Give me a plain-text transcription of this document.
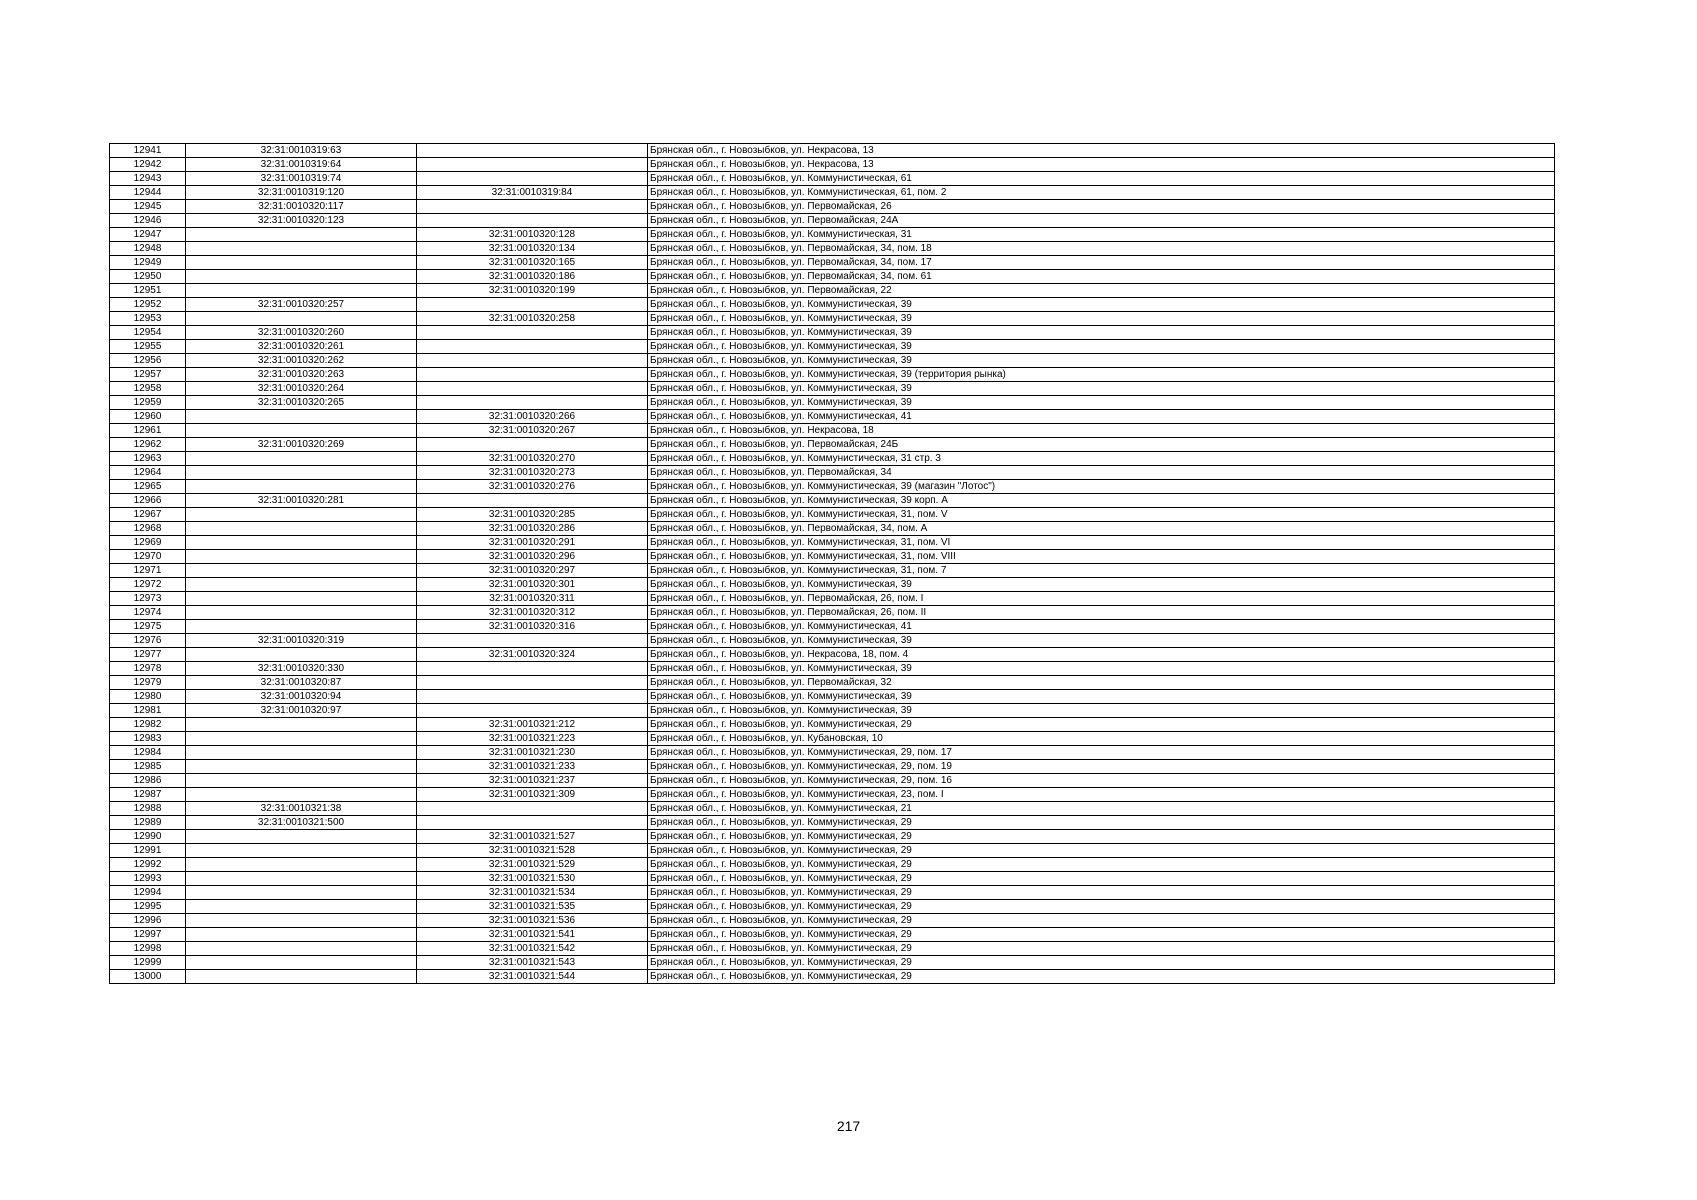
12941	32:31:0010319:63		Брянская обл., г. Новозыбков, ул. Некрасова, 13
12942	32:31:0010319:64		Брянская обл., г. Новозыбков, ул. Некрасова, 13
12943	32:31:0010319:74		Брянская обл., г. Новозыбков, ул. Коммунистическая, 61
12944	32:31:0010319:120	32:31:0010319:84	Брянская обл., г. Новозыбков, ул. Коммунистическая, 61, пом. 2
12945	32:31:0010320:117		Брянская обл., г. Новозыбков, ул. Первомайская, 26
12946	32:31:0010320:123		Брянская обл., г. Новозыбков, ул. Первомайская, 24А
12947		32:31:0010320:128	Брянская обл., г. Новозыбков, ул. Коммунистическая, 31
12948		32:31:0010320:134	Брянская обл., г. Новозыбков, ул. Первомайская, 34, пом. 18
12949		32:31:0010320:165	Брянская обл., г. Новозыбков, ул. Первомайская, 34, пом. 17
12950		32:31:0010320:186	Брянская обл., г. Новозыбков, ул. Первомайская, 34, пом. 61
12951		32:31:0010320:199	Брянская обл., г. Новозыбков, ул. Первомайская, 22
12952	32:31:0010320:257		Брянская обл., г. Новозыбков, ул. Коммунистическая, 39
12953		32:31:0010320:258	Брянская обл., г. Новозыбков, ул. Коммунистическая, 39
12954	32:31:0010320:260		Брянская обл., г. Новозыбков, ул. Коммунистическая, 39
12955	32:31:0010320:261		Брянская обл., г. Новозыбков, ул. Коммунистическая, 39
12956	32:31:0010320:262		Брянская обл., г. Новозыбков, ул. Коммунистическая, 39
12957	32:31:0010320:263		Брянская обл., г. Новозыбков, ул. Коммунистическая, 39 (территория рынка)
12958	32:31:0010320:264		Брянская обл., г. Новозыбков, ул. Коммунистическая, 39
12959	32:31:0010320:265		Брянская обл., г. Новозыбков, ул. Коммунистическая, 39
12960		32:31:0010320:266	Брянская обл., г. Новозыбков, ул. Коммунистическая, 41
12961		32:31:0010320:267	Брянская обл., г. Новозыбков, ул. Некрасова, 18
12962	32:31:0010320:269		Брянская обл., г. Новозыбков, ул. Первомайская, 24Б
12963		32:31:0010320:270	Брянская обл., г. Новозыбков, ул. Коммунистическая, 31 стр. 3
12964		32:31:0010320:273	Брянская обл., г. Новозыбков, ул. Первомайская, 34
12965		32:31:0010320:276	Брянская обл., г. Новозыбков, ул. Коммунистическая, 39 (магазин "Лотос")
12966	32:31:0010320:281		Брянская обл., г. Новозыбков, ул. Коммунистическая, 39 корп. А
12967		32:31:0010320:285	Брянская обл., г. Новозыбков, ул. Коммунистическая, 31, пом. V
12968		32:31:0010320:286	Брянская обл., г. Новозыбков, ул. Первомайская, 34, пом. А
12969		32:31:0010320:291	Брянская обл., г. Новозыбков, ул. Коммунистическая, 31, пом. VI
12970		32:31:0010320:296	Брянская обл., г. Новозыбков, ул. Коммунистическая, 31, пом. VIII
12971		32:31:0010320:297	Брянская обл., г. Новозыбков, ул. Коммунистическая, 31, пом. 7
12972		32:31:0010320:301	Брянская обл., г. Новозыбков, ул. Коммунистическая, 39
12973		32:31:0010320:311	Брянская обл., г. Новозыбков, ул. Первомайская, 26, пом. I
12974		32:31:0010320:312	Брянская обл., г. Новозыбков, ул. Первомайская, 26, пом. II
12975		32:31:0010320:316	Брянская обл., г. Новозыбков, ул. Коммунистическая, 41
12976	32:31:0010320:319		Брянская обл., г. Новозыбков, ул. Коммунистическая, 39
12977		32:31:0010320:324	Брянская обл., г. Новозыбков, ул. Некрасова, 18, пом. 4
12978	32:31:0010320:330		Брянская обл., г. Новозыбков, ул. Коммунистическая, 39
12979	32:31:0010320:87		Брянская обл., г. Новозыбков, ул. Первомайская, 32
12980	32:31:0010320:94		Брянская обл., г. Новозыбков, ул. Коммунистическая, 39
12981	32:31:0010320:97		Брянская обл., г. Новозыбков, ул. Коммунистическая, 39
12982		32:31:0010321:212	Брянская обл., г. Новозыбков, ул. Коммунистическая, 29
12983		32:31:0010321:223	Брянская обл., г. Новозыбков, ул. Кубановская, 10
12984		32:31:0010321:230	Брянская обл., г. Новозыбков, ул. Коммунистическая, 29, пом. 17
12985		32:31:0010321:233	Брянская обл., г. Новозыбков, ул. Коммунистическая, 29, пом. 19
12986		32:31:0010321:237	Брянская обл., г. Новозыбков, ул. Коммунистическая, 29, пом. 16
12987		32:31:0010321:309	Брянская обл., г. Новозыбков, ул. Коммунистическая, 23, пом. I
12988	32:31:0010321:38		Брянская обл., г. Новозыбков, ул. Коммунистическая, 21
12989	32:31:0010321:500		Брянская обл., г. Новозыбков, ул. Коммунистическая, 29
12990		32:31:0010321:527	Брянская обл., г. Новозыбков, ул. Коммунистическая, 29
12991		32:31:0010321:528	Брянская обл., г. Новозыбков, ул. Коммунистическая, 29
12992		32:31:0010321:529	Брянская обл., г. Новозыбков, ул. Коммунистическая, 29
12993		32:31:0010321:530	Брянская обл., г. Новозыбков, ул. Коммунистическая, 29
12994		32:31:0010321:534	Брянская обл., г. Новозыбков, ул. Коммунистическая, 29
12995		32:31:0010321:535	Брянская обл., г. Новозыбков, ул. Коммунистическая, 29
12996		32:31:0010321:536	Брянская обл., г. Новозыбков, ул. Коммунистическая, 29
12997		32:31:0010321:541	Брянская обл., г. Новозыбков, ул. Коммунистическая, 29
12998		32:31:0010321:542	Брянская обл., г. Новозыбков, ул. Коммунистическая, 29
12999		32:31:0010321:543	Брянская обл., г. Новозыбков, ул. Коммунистическая, 29
13000		32:31:0010321:544	Брянская обл., г. Новозыбков, ул. Коммунистическая, 29
217
